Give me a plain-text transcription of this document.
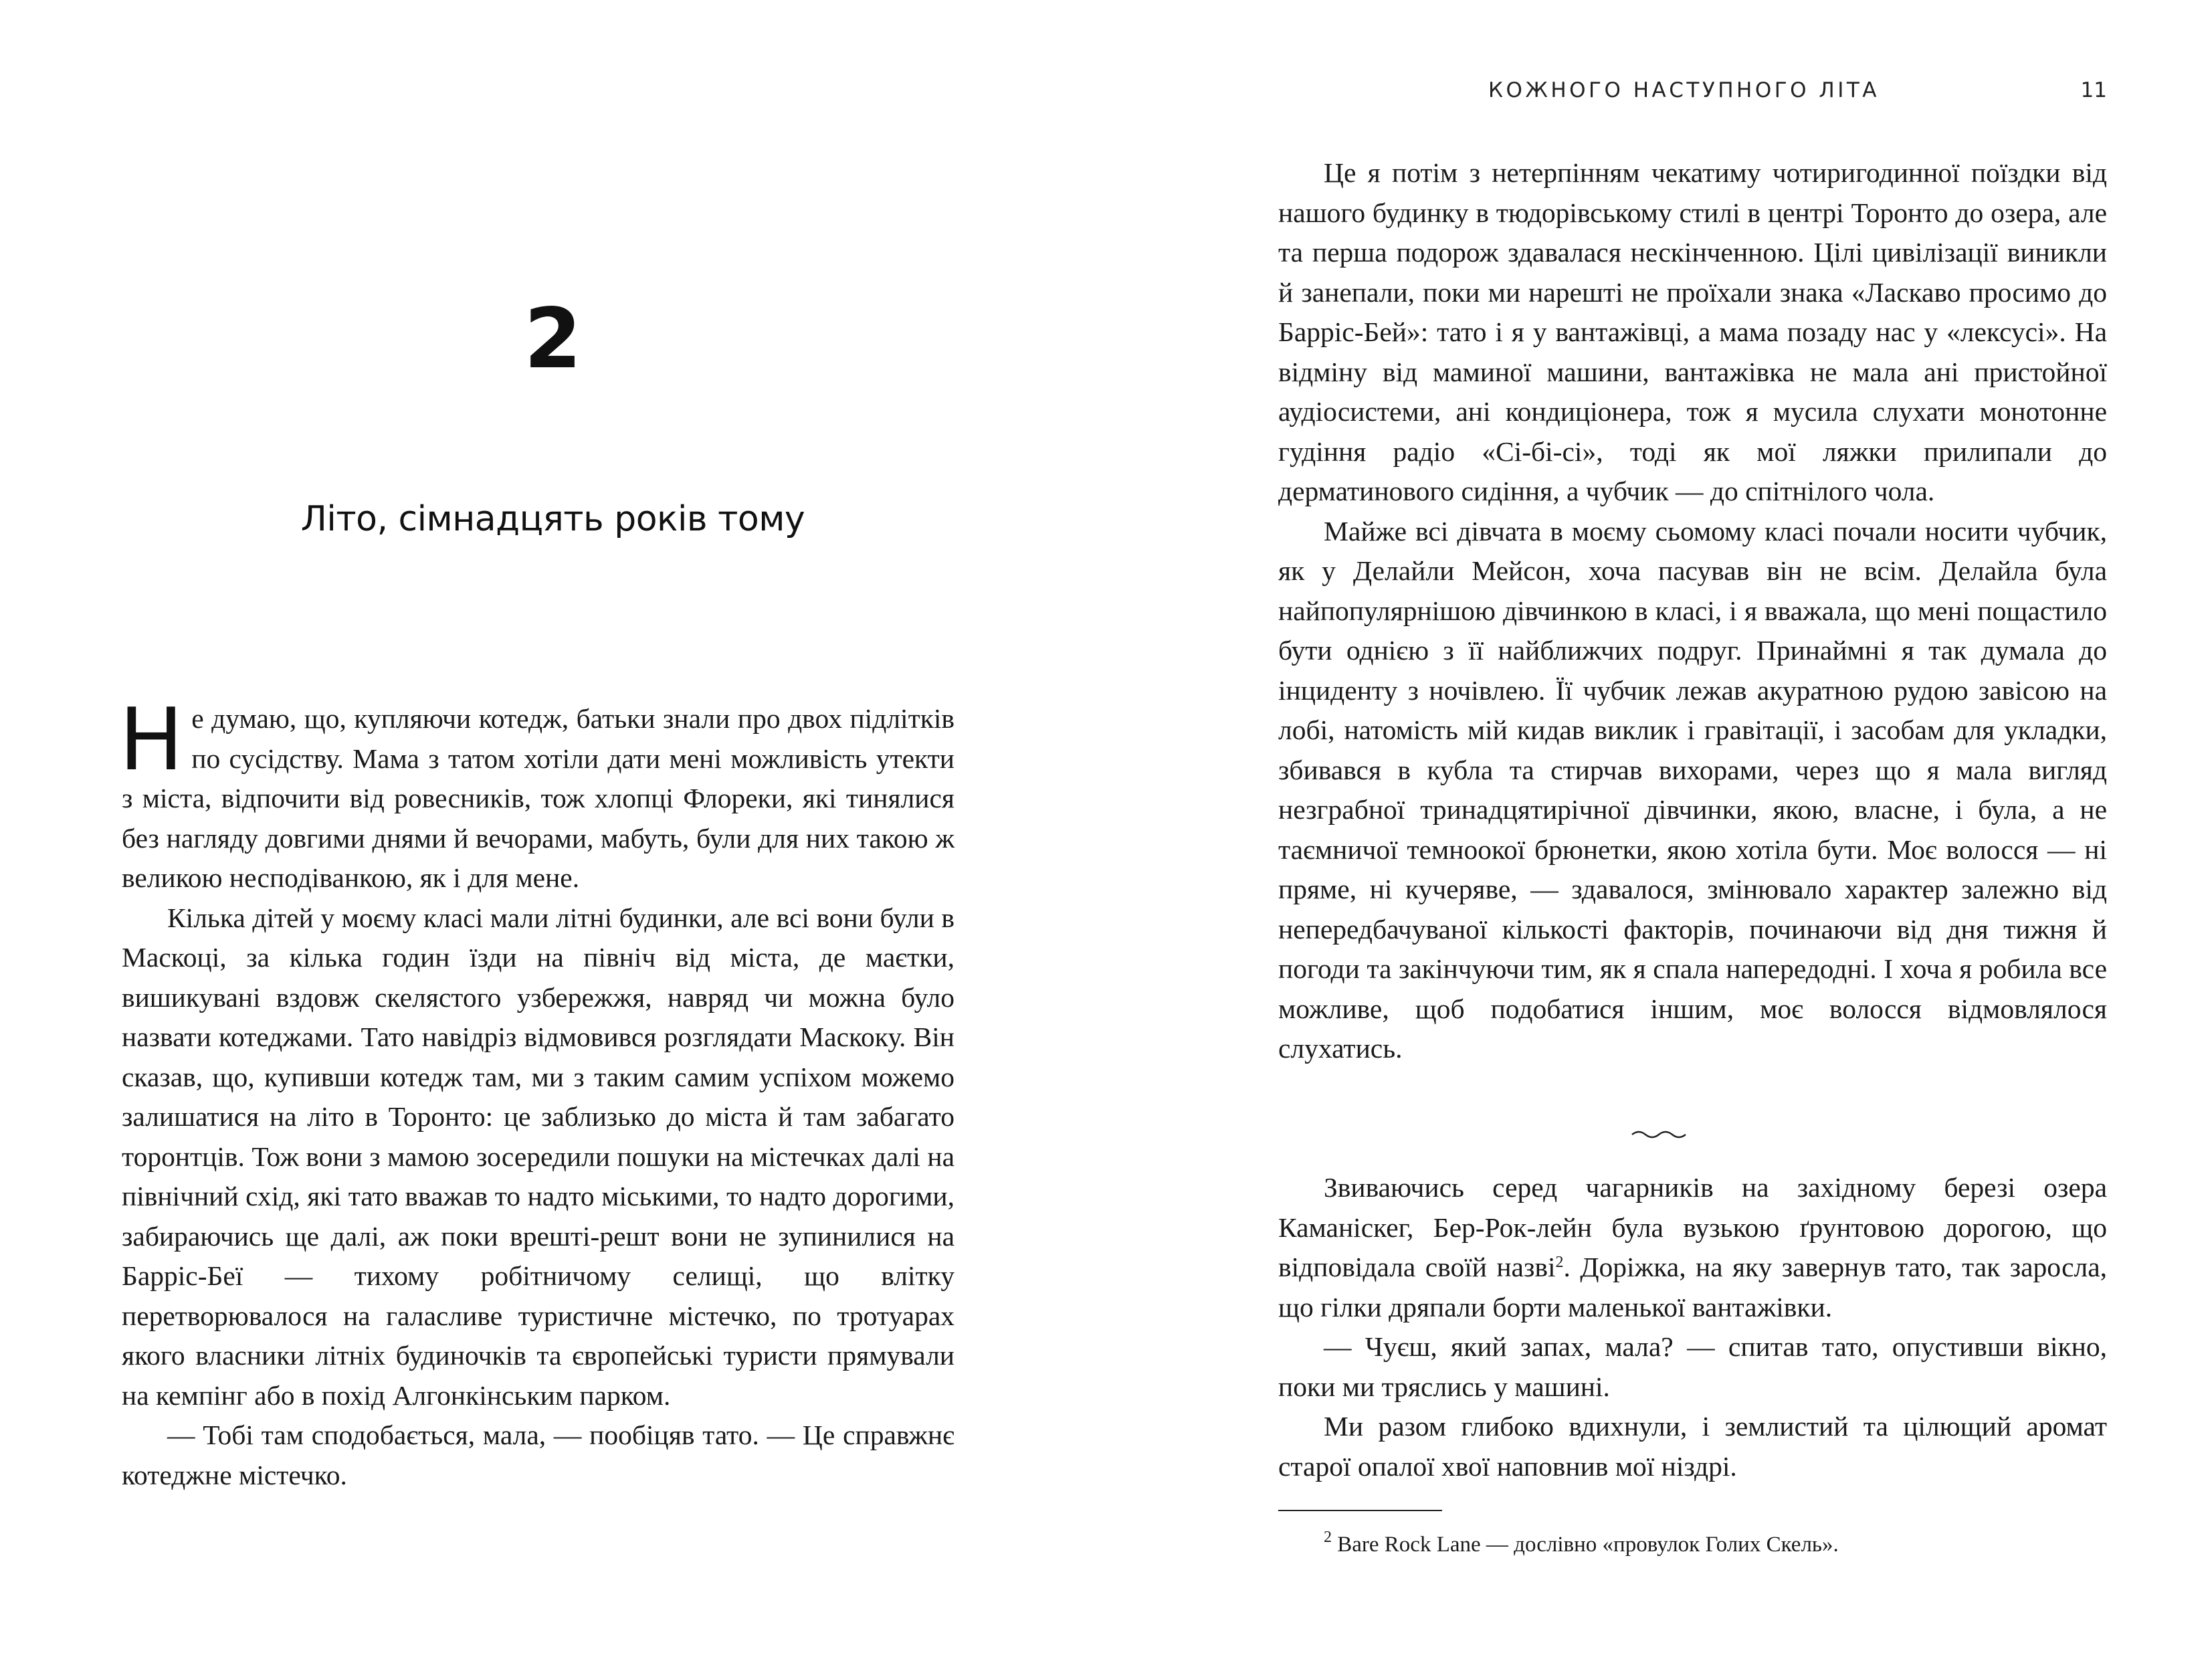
2
Літо, сімнадцять років тому

Не думаю, що, купляючи котедж, батьки знали про двох підлітків по сусідству. Мама з татом хотіли дати мені можливість утекти з міста, відпочити від ровесників, тож хлопці Флореки, які тинялися без нагляду довгими днями й вечорами, мабуть, були для них такою ж великою несподіванкою, як і для мене.

Кілька дітей у моєму класі мали літні будинки, але всі вони були в Маскоці, за кілька годин їзди на північ від міста, де маєтки, вишикувані вздовж скелястого узбережжя, навряд чи можна було назвати котеджами. Тато навідріз відмовився розглядати Маскоку. Він сказав, що, купивши котедж там, ми з таким самим успіхом можемо залишатися на літо в Торонто: це заблизько до міста й там забагато торонтців. Тож вони з мамою зосередили пошуки на містечках далі на північний схід, які тато вважав то надто міськими, то надто дорогими, забираючись ще далі, аж поки врешті-решт вони не зупинилися на Барріс-Беї — тихому робітничому селищі, що влітку перетворювалося на галасливе туристичне містечко, по тротуарах якого власники літніх будиночків та європейські туристи прямували на кемпінг або в похід Алгонкінським парком.

— Тобі там сподобається, мала, — пообіцяв тато. — Це справжнє котеджне містечко.

КОЖНОГО НАСТУПНОГО ЛІТА	11

Це я потім з нетерпінням чекатиму чотиригодинної поїздки від нашого будинку в тюдорівському стилі в центрі Торонто до озера, але та перша подорож здавалася нескінченною. Цілі цивілізації виникли й занепали, поки ми нарешті не проїхали знака «Ласкаво просимо до Барріс-Бей»: тато і я у вантажівці, а мама позаду нас у «лексусі». На відміну від маминої машини, вантажівка не мала ані пристойної аудіосистеми, ані кондиціонера, тож я мусила слухати монотонне гудіння радіо «Сі-бі-сі», тоді як мої ляжки прилипали до дерматинового сидіння, а чубчик — до спітнілого чола.

Майже всі дівчата в моєму сьомому класі почали носити чубчик, як у Делайли Мейсон, хоча пасував він не всім. Делайла була найпопулярнішою дівчинкою в класі, і я вважала, що мені пощастило бути однією з її найближчих подруг. Принаймні я так думала до інциденту з ночівлею. Її чубчик лежав акуратною рудою завісою на лобі, натомість мій кидав виклик і гравітації, і засобам для укладки, збивався в кубла та стирчав вихорами, через що я мала вигляд незграбної тринадцятирічної дівчинки, якою, власне, і була, а не таємничої темноокої брюнетки, якою хотіла бути. Моє волосся — ні пряме, ні кучеряве, — здавалося, змінювало характер залежно від непередбачуваної кількості факторів, починаючи від дня тижня й погоди та закінчуючи тим, як я спала напередодні. І хоча я робила все можливе, щоб подобатися іншим, моє волосся відмовлялося слухатись.

Звиваючись серед чагарників на західному березі озера Каманіскег, Бер-Рок-лейн була вузькою ґрунтовою дорогою, що відповідала своїй назві$^2$. Доріжка, на яку завернув тато, так заросла, що гілки дряпали борти маленької вантажівки.

— Чуєш, який запах, мала? — спитав тато, опустивши вікно, поки ми тряслись у машині.

Ми разом глибоко вдихнули, і землистий та цілющий аромат старої опалої хвої наповнив мої ніздрі.

$^2$ Bare Rock Lane — дослівно «провулок Голих Скель».
